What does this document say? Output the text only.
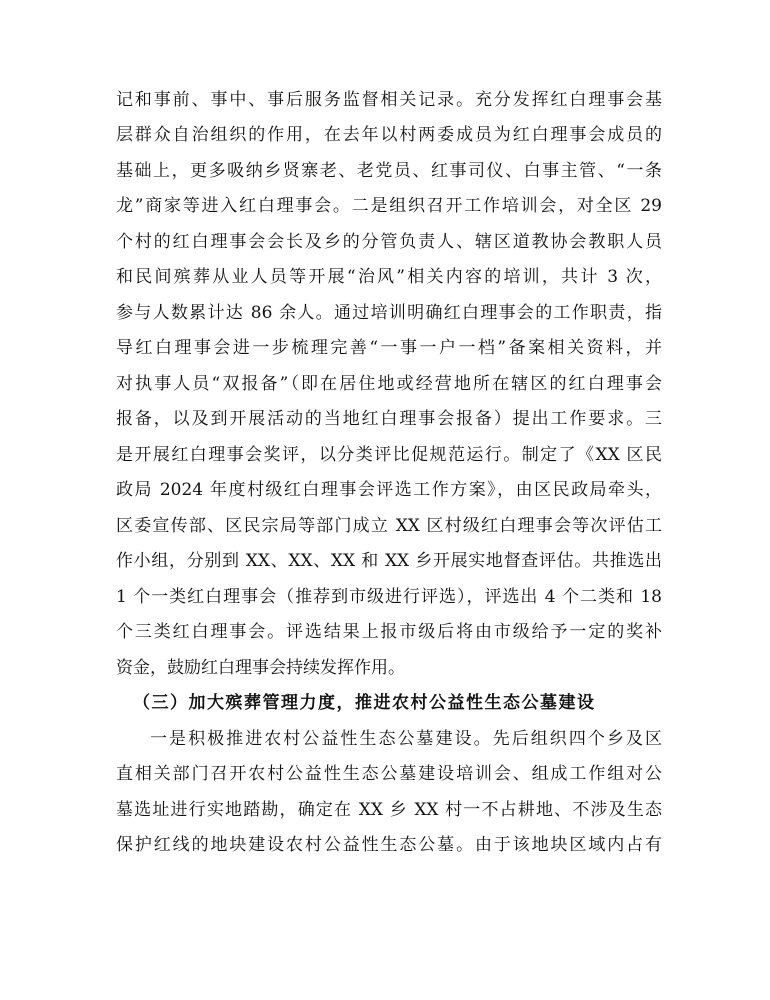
记和事前、事中、事后服务监督相关记录。充分发挥红白理事会基
层群众自治组织的作用，在去年以村两委成员为红白理事会成员的
基础上，更多吸纳乡贤寨老、老党员、红事司仪、白事主管、“一条
龙”商家等进入红白理事会。二是组织召开工作培训会，对全区 29
个村的红白理事会会长及乡的分管负责人、辖区道教协会教职人员
和民间殡葬从业人员等开展“治风”相关内容的培训，共计 3 次，
参与人数累计达 86 余人。通过培训明确红白理事会的工作职责，指
导红白理事会进一步梳理完善“一事一户一档”备案相关资料，并
对执事人员“双报备”（即在居住地或经营地所在辖区的红白理事会
报备，以及到开展活动的当地红白理事会报备）提出工作要求。三
是开展红白理事会奖评，以分类评比促规范运行。制定了《XX 区民
政局 2024 年度村级红白理事会评选工作方案》，由区民政局牵头，
区委宣传部、区民宗局等部门成立 XX 区村级红白理事会等次评估工
作小组，分别到 XX、XX、XX 和 XX 乡开展实地督查评估。共推选出
1 个一类红白理事会（推荐到市级进行评选），评选出 4 个二类和 18
个三类红白理事会。评选结果上报市级后将由市级给予一定的奖补
资金，鼓励红白理事会持续发挥作用。
（三）加大殡葬管理力度，推进农村公益性生态公墓建设
一是积极推进农村公益性生态公墓建设。先后组织四个乡及区
直相关部门召开农村公益性生态公墓建设培训会、组成工作组对公
墓选址进行实地踏勘，确定在 XX 乡 XX 村一不占耕地、不涉及生态
保护红线的地块建设农村公益性生态公墓。由于该地块区域内占有
